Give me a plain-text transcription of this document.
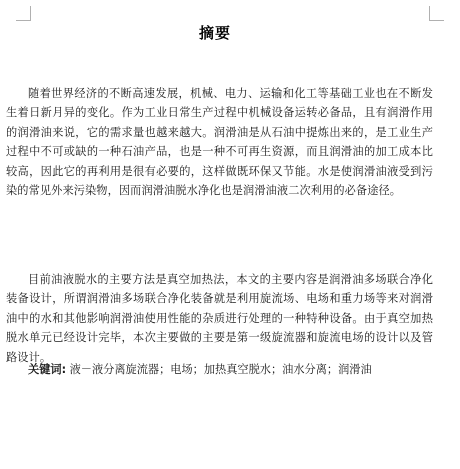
摘要

随着世界经济的不断高速发展，机械、电力、运输和化工等基础工业也在不断发生着日新月异的变化。作为工业日常生产过程中机械设备运转必备品，且有润滑作用的润滑油来说，它的需求量也越来越大。润滑油是从石油中提炼出来的，是工业生产过程中不可或缺的一种石油产品，也是一种不可再生资源，而且润滑油的加工成本比较高，因此它的再利用是很有必要的，这样做既环保又节能。水是使润滑油液受到污染的常见外来污染物，因而润滑油脱水净化也是润滑油液二次利用的必备途径。

目前油液脱水的主要方法是真空加热法，本文的主要内容是润滑油多场联合净化装备设计，所谓润滑油多场联合净化装备就是利用旋流场、电场和重力场等来对润滑油中的水和其他影响润滑油使用性能的杂质进行处理的一种特种设备。由于真空加热脱水单元已经设计完毕，本次主要做的主要是第一级旋流器和旋流电场的设计以及管路设计。

关键词: 液－液分离旋流器；电场；加热真空脱水；油水分离；润滑油
